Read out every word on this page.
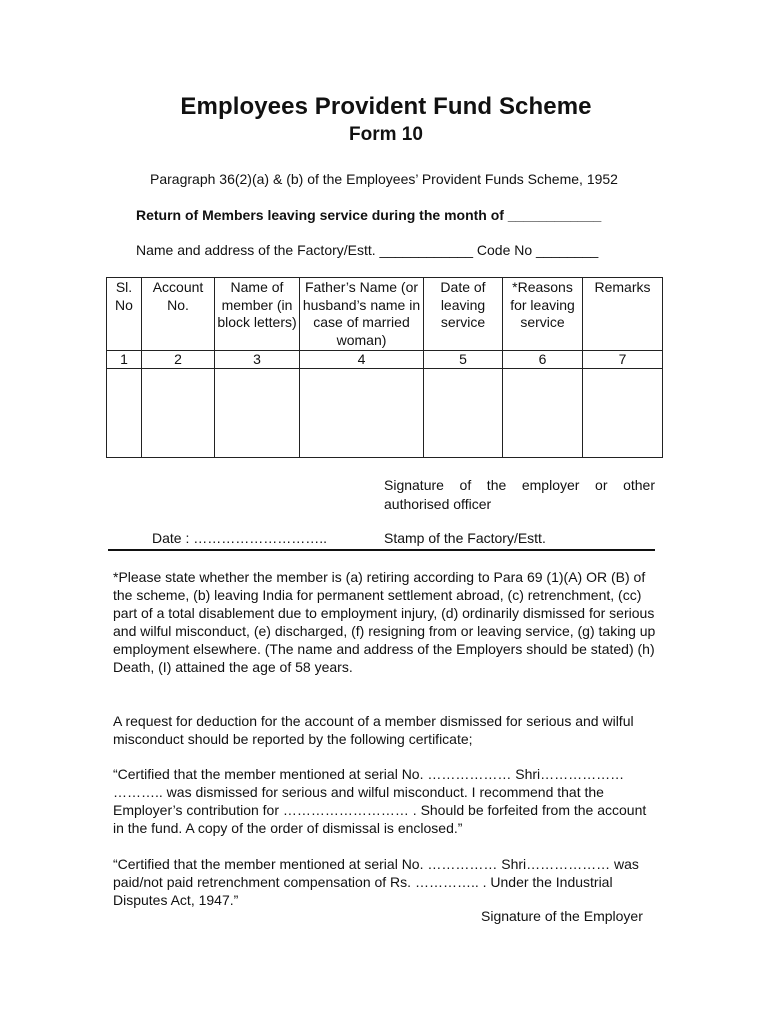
Employees Provident Fund Scheme
Form 10
Paragraph 36(2)(a) & (b) of the Employees’ Provident Funds Scheme, 1952
Return of Members leaving service during the month of ____________
Name and address of the Factory/Estt. ____________ Code No ________
Sl. No	Account No.	Name of member (in block letters)	Father’s Name (or husband’s name in case of married woman)	Date of leaving service	*Reasons for leaving service	Remarks
1	2	3	4	5	6	7

Signature of the employer or other authorised officer
Date : ………………………..	Stamp of the Factory/Estt.
*Please state whether the member is (a) retiring according to Para 69 (1)(A) OR (B) of the scheme, (b) leaving India for permanent settlement abroad, (c) retrenchment, (cc) part of a total disablement due to employment injury, (d) ordinarily dismissed for serious and wilful misconduct, (e) discharged, (f) resigning from or leaving service, (g) taking up employment elsewhere. (The name and address of the Employers should be stated) (h) Death, (I) attained the age of 58 years.
A request for deduction for the account of a member dismissed for serious and wilful misconduct should be reported by the following certificate;
“Certified that the member mentioned at serial No. ……………… Shri……………… ……….. was dismissed for serious and wilful misconduct. I recommend that the Employer’s contribution for ……………………… . Should be forfeited from the account in the fund. A copy of the order of dismissal is enclosed.”
“Certified that the member mentioned at serial No. …………… Shri……………… was paid/not paid retrenchment compensation of Rs. ………….. . Under the Industrial Disputes Act, 1947.”
Signature of the Employer
